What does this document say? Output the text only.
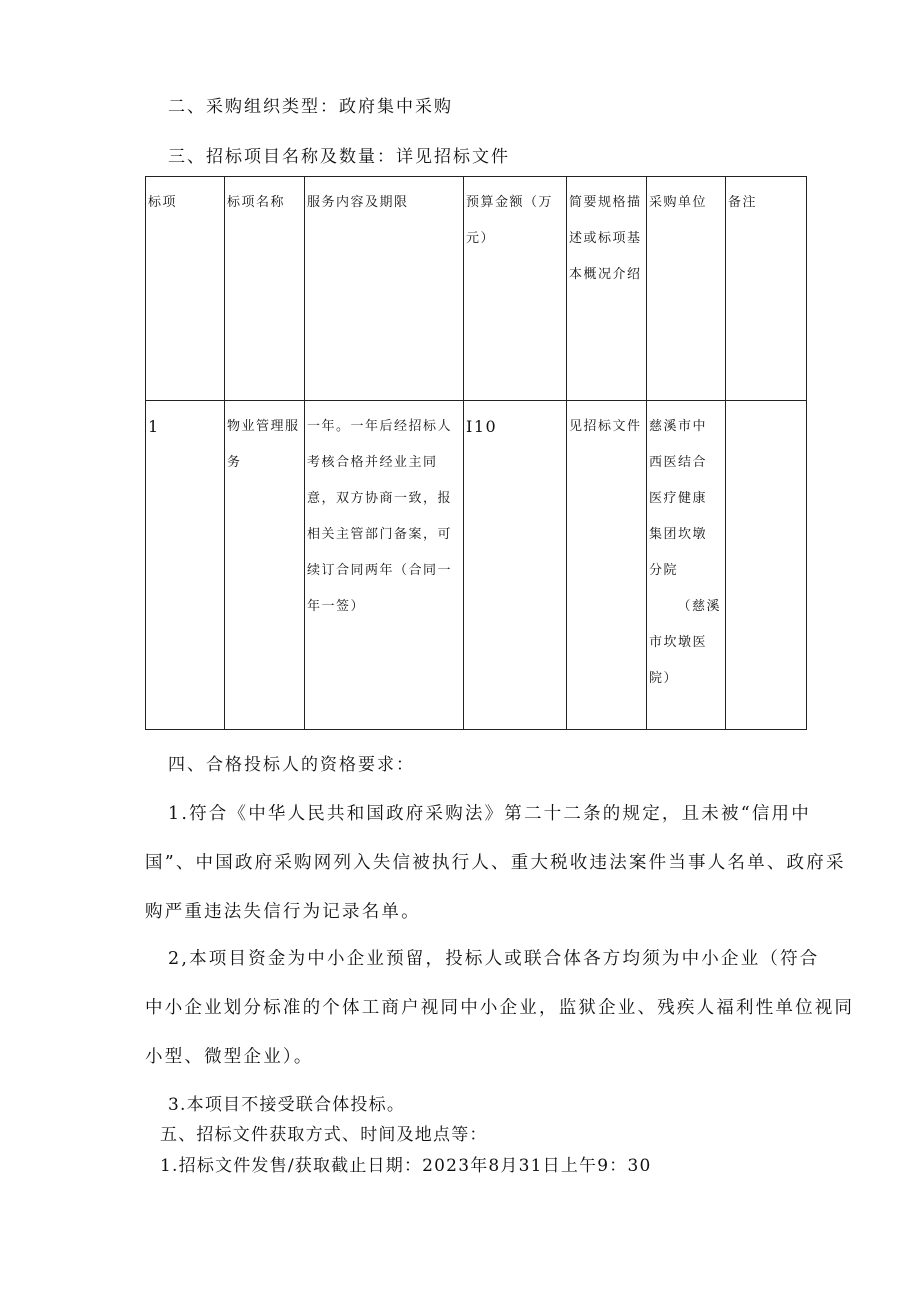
二、采购组织类型：政府集中采购
三、招标项目名称及数量：详见招标文件
标项	标项名称	服务内容及期限	预算金额（万元）	简要规格描述或标项基本概况介绍	采购单位	备注
1	物业管理服务	一年。一年后经招标人考核合格并经业主同意，双方协商一致，报相关主管部门备案，可续订合同两年（合同一年一签）	I10	见招标文件	慈溪市中西医结合医疗健康集团坎墩分院
（慈溪
市坎墩医院）	

四、合格投标人的资格要求：
1.符合《中华人民共和国政府采购法》第二十二条的规定，且未被“信用中
国”、中国政府采购网列入失信被执行人、重大税收违法案件当事人名单、政府采
购严重违法失信行为记录名单。
2,本项目资金为中小企业预留，投标人或联合体各方均须为中小企业（符合
中小企业划分标准的个体工商户视同中小企业，监狱企业、残疾人福利性单位视同
小型、微型企业）。
3.本项目不接受联合体投标。
五、招标文件获取方式、时间及地点等：
1.招标文件发售/获取截止日期：2023年8月31日上午9：30
